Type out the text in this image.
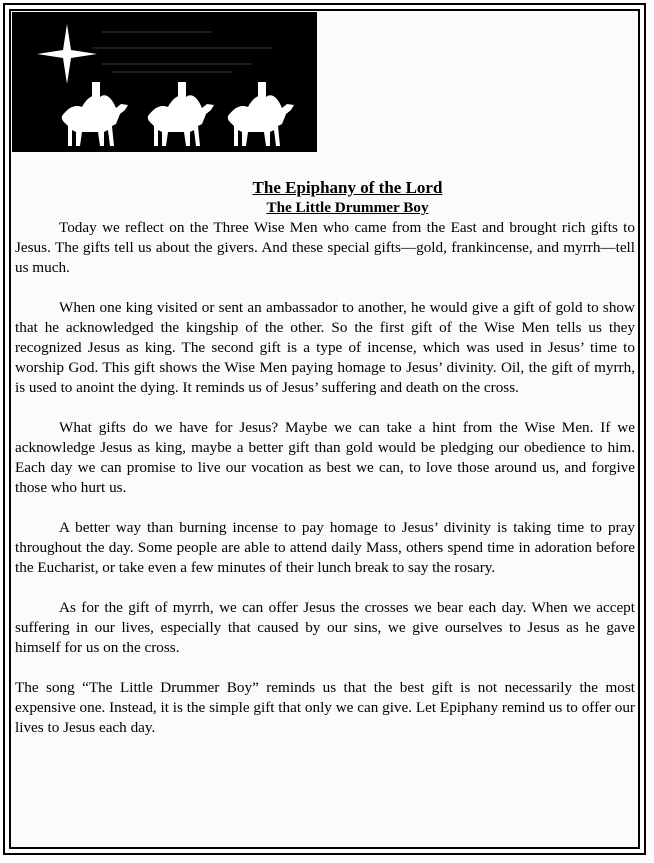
The Epiphany of the Lord

The Little Drummer Boy

Today we reflect on the Three Wise Men who came from the East and brought rich gifts to Jesus. The gifts tell us about the givers. And these special gifts—gold, frankincense, and myrrh—tell us much.

When one king visited or sent an ambassador to another, he would give a gift of gold to show that he acknowledged the kingship of the other. So the first gift of the Wise Men tells us they recognized Jesus as king. The second gift is a type of incense, which was used in Jesus’ time to worship God. This gift shows the Wise Men paying homage to Jesus’ divinity. Oil, the gift of myrrh, is used to anoint the dying. It reminds us of Jesus’ suffering and death on the cross.

What gifts do we have for Jesus? Maybe we can take a hint from the Wise Men. If we acknowledge Jesus as king, maybe a better gift than gold would be pledging our obedience to him. Each day we can promise to live our vocation as best we can, to love those around us, and forgive those who hurt us.

A better way than burning incense to pay homage to Jesus’ divinity is taking time to pray throughout the day. Some people are able to attend daily Mass, others spend time in adoration before the Eucharist, or take even a few minutes of their lunch break to say the rosary.

As for the gift of myrrh, we can offer Jesus the crosses we bear each day. When we accept suffering in our lives, especially that caused by our sins, we give ourselves to Jesus as he gave himself for us on the cross.

The song “The Little Drummer Boy” reminds us that the best gift is not necessarily the most expensive one. Instead, it is the simple gift that only we can give. Let Epiphany remind us to offer our lives to Jesus each day.
